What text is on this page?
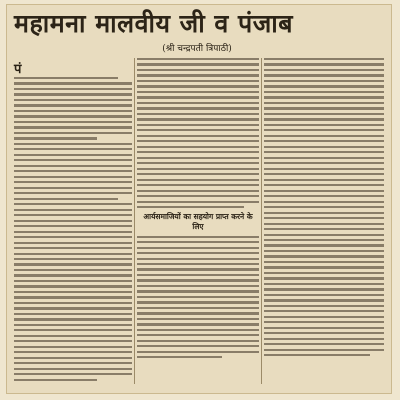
महामना मालवीय जी व पंजाब
(श्री चन्द्रपती त्रिपाठी)
पं
आर्यसमाजियों का सहयोग प्राप्त करने के लिए
